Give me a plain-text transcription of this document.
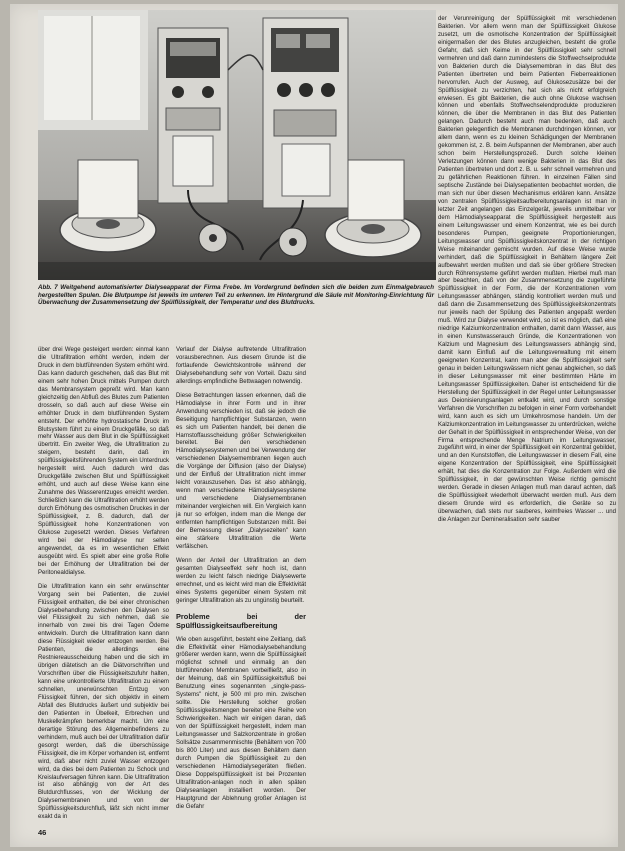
Abb. 7 Weitgehend automatisierter Dialyseapparat der Firma Frebe. Im Vordergrund befinden sich die beiden zum Einmalgebrauch hergestellten Spulen. Die Blutpumpe ist jeweils im unteren Teil zu erkennen. Im Hintergrund die Säule mit Monitoring-Einrichtung für Überwachung der Zusammensetzung der Spülflüssigkeit, der Temperatur und des Blutdrucks.

über drei Wege gesteigert werden: einmal kann die Ultrafiltration erhöht werden, indem der Druck in dem blutführenden System erhöht wird. Das kann dadurch geschehen, daß das Blut mit einem sehr hohen Druck mittels Pumpen durch das Membransystem gepreßt wird. Man kann gleichzeitig den Abfluß des Blutes zum Patienten drosseln, so daß auch auf diese Weise ein erhöhter Druck in dem blutführenden System entsteht. Der erhöhte hydrostatische Druck im Blutsystem führt zu einem Druckgefälle, so daß mehr Wasser aus dem Blut in die Spülflüssigkeit übertritt. Ein zweiter Weg, die Ultrafiltration zu steigern, besteht darin, daß im spülflüssigkeitsführenden System ein Unterdruck hergestellt wird. Auch dadurch wird das Druckgefälle zwischen Blut und Spülflüssigkeit erhöht, und auch auf diese Weise kann eine Zunahme des Wasserentzuges erreicht werden. Schließlich kann die Ultrafiltration erhöht werden durch Erhöhung des osmotischen Druckes in der Spülflüssigkeit, z. B. dadurch, daß der Spülflüssigkeit hohe Konzentrationen von Glukose zugesetzt werden. Dieses Verfahren wird bei der Hämodialyse nur selten angewendet, da es im wesentlichen Effekt ausgeübt wird. Es spielt aber eine große Rolle bei der Erhöhung der Ultrafiltration bei der Peritonealdialyse.

Die Ultrafiltration kann ein sehr erwünschter Vorgang sein bei Patienten, die zuviel Flüssigkeit enthalten, die bei einer chronischen Dialysebehandlung zwischen den Dialysen so viel Flüssigkeit zu sich nehmen, daß sie innerhalb von zwei bis drei Tagen Ödeme entwickeln. Durch die Ultrafiltration kann dann diese Flüssigkeit wieder entzogen werden. Bei Patienten, die allerdings eine Restniereausscheidung haben und die sich im übrigen diätetisch an die Diätvorschriften und Vorschriften über die Flüssigkeitszufuhr halten, kann eine unkontrollierte Ultrafiltration zu einem schnellen, unerwünschten Entzug von Flüssigkeit führen, der sich objektiv in einem Abfall des Blutdrucks äußert und subjektiv bei den Patienten in Übelkeit, Erbrechen und Muskelkrämpfen bemerkbar macht. Um eine derartige Störung des Allgemeinbefindens zu verhindern, muß auch bei der Ultrafiltration dafür gesorgt werden, daß die überschüssige Flüssigkeit, die im Körper vorhanden ist, entfernt wird, daß aber nicht zuviel Wasser entzogen wird, da dies bei dem Patienten zu Schock und Kreislaufversagen führen kann. Die Ultrafiltration ist also abhängig von der Art des Blutdurchflusses, von der Wicklung der Dialysemembranen und von der Spülflüssigkeitsdurchfluß, läßt sich nicht immer exakt da in

Verlauf der Dialyse auftretende Ultrafiltration vorausberechnen. Aus diesem Grunde ist die fortlaufende Gewichtskontrolle während der Dialysebehandlung sehr von Vorteil. Dazu sind allerdings empfindliche Bettwaagen notwendig.

Diese Betrachtungen lassen erkennen, daß die Hämodialyse in ihrer Form und in ihrer Anwendung verschieden ist, daß sie jedoch die Beseitigung harnpflichtiger Substanzen, wenn es sich um Patienten handelt, bei denen die Harnstoffausscheidung größer Schwierigkeiten bereitet. Bei den verschiedenen Hämodialysesystemen und bei Verwendung der verschiedenen Dialysemembranen liegen auch die Vorgänge der Diffusion (also der Dialyse) und der Einfluß der Ultrafiltration nicht immer leicht vorauszusehen. Das ist also abhängig, wenn man verschiedene Hämodialysesysteme und verschiedene Dialysemembranen miteinander vergleichen will. Ein Vergleich kann ja nur so erfolgen, indem man die Menge der entfernten harnpflichtigen Substanzen mißt. Bei der Bemessung dieser „Dialysezeiten" kann eine stärkere Ultrafiltration die Werte verfälschen.

Wenn der Anteil der Ultrafiltration an dem gesamten Dialyseeffekt sehr hoch ist, dann werden zu leicht falsch niedrige Dialysewerte errechnet, und es leicht wird man die Effektivität eines Systems gegenüber einem System mit geringer Ultrafiltration als zu ungünstig beurteilt.

Probleme bei der Spülflüssigkeitsaufbereitung

Wie oben ausgeführt, besteht eine Zeitlang, daß die Effektivität einer Hämodialysebehandlung größerer werden kann, wenn die Spülflüssigkeit möglichst schnell und einmalig an den blutführenden Membranen vorbeifließt, also in der Meinung, daß ein Spülflüssigkeitsfluß bei Benutzung eines sogenannten „single-pass-Systems" nicht, je 500 ml pro min. zwischen sollte. Die Herstellung solcher großen Spülflüssigkeitsmengen bereitet eine Reihe von Schwierigkeiten. Nach wir einigen daran, daß von der Spülflüssigkeit hergestellt, indem man Leitungswasser und Salzkonzentrate in großen Sollsätze zusammenmischte (Behältern von 700 bis 800 Liter) und aus diesen Behältern dann durch Pumpen die Spülflüssigkeit zu den verschiedenen Hämodialysegeräten fließen. Diese Doppelspülflüssigkeit ist bei Prozenten Ultrafiltration-anlagen noch in allen späten Dialyseanlagen installiert worden. Der Hauptgrund der Ablehnung großer Anlagen ist die Gefahr

der Verunreinigung der Spülflüssigkeit mit verschiedenen Bakterien. Vor allem wenn man der Spülflüssigkeit Glukose zusetzt, um die osmotische Konzentration der Spülflüssigkeit einigermaßen der des Blutes anzugleichen, besteht die große Gefahr, daß sich Keime in der Spülflüssigkeit sehr schnell vermehren und daß dann zumindestens die Stoffwechselprodukte von Bakterien durch die Dialysemembran in das Blut des Patienten übertreten und beim Patienten Fieberreaktionen hervorrufen. Auch der Ausweg, auf Glukosezusätze bei der Spülflüssigkeit zu verzichten, hat sich als nicht erfolgreich erwiesen. Es gibt Bakterien, die auch ohne Glukose wachsen können und ebenfalls Stoffwechselendprodukte produzieren können, die über die Membranen in das Blut des Patienten gelangen. Dadurch besteht auch man bedenken, daß auch Bakterien gelegentlich die Membranen durchdringen können, vor allem dann, wenn es zu kleinen Schädigungen der Membranen gekommen ist, z. B. beim Aufspannen der Membranen, aber auch schon beim Herstellungsprozeß. Durch solche kleinen Verletzungen können dann wenige Bakterien in das Blut des Patienten übertreten und dort z. B. u. sehr schnell vermehren und zu gefährlichen Reaktionen führen. In einzelnen Fällen sind septische Zustände bei Dialysepatienten beobachtet worden, die man sich nur über diesen Mechanismus erklären kann. Ansätze von zentralen Spülflüssigkeitsaufbereitungsanlagen ist man in letzter Zeit angelangen das Einzelgerät, jeweils unmittelbar vor dem Hämodialyseapparat die Spülflüssigkeit hergestellt aus einem Leitungswasser und einem Konzentrat, wie es bei durch besonderes Pumpen, geeignete Proportionierungen, Leitungswasser und Spülflüssigkeitskonzentrat in der richtigen Weise miteinander gemischt wurden. Auf diese Weise wurde verhindert, daß die Spülflüssigkeit in Behältern längere Zeit aufbewahrt werden mußten und daß sie über größere Strecken durch Röhrensysteme geführt werden mußten. Hierbei muß man aber beachten, daß von der Zusammensetzung die zugeführte Spülflüssigkeit in der Form, die der Konzentrationen vom Leitungswasser abhängen, ständig kontrolliert werden muß und daß dann die Zusammensetzung des Spülflüssigkeitskonzentrats nur jeweils nach der Spülung des Patienten angepaßt werden muß. Wird zur Dialyse verwendet wird, so ist es möglich, daß eine niedrige Kalziumkonzentration enthalten, damit dann Wasser, aus in einen Kunstwasserauch Gründe, die Konzentrationen von Kalzium und Magnesium des Leitungswassers abhängig sind, damit kann Einfluß auf die Leitungsverwaltung mit einem geeigneten Konzentrat, kann man aber die Spülflüssigkeit sehr genau in beiden Leitungswässern nicht genau abgleichen, so daß in dieser Leitungswasser mit einer bestimmten Härte im Leitungswasser Spülflüssigkeiten. Daher ist entscheidend für die Herstellung der Spülflüssigkeit in der Regel unter Leitungswasser aus Deionisierungsanlagen entkalkt wird, und durch sonstige Verfahren die Vorschriften zu befolgen in einer Form vorbehandelt wird, kann auch es sich um Umkehrosmose handeln. Um der Kalziumkonzentration im Leitungswasser zu unterdrücken, welche der Gehalt in der Spülflüssigkeit in entsprechender Weise, von der Firma entsprechende Menge Natrium im Leitungswasser, zugeführt wird, in einer der Spülflüssigkeit ein Konzentrat gebildet, und an den Kunststoffen, die Leitungswasser in diesem Fall, eine eigene Konzentration der Spülflüssigkeit, eine Spülflüssigkeit erhält, hat dies die Konzentration zur Folge. Außerdem wird die Spülflüssigkeit, in der gewünschten Weise richtig gemischt werden. Gerade in diesen Anlagen muß man darauf achten, daß die Spülflüssigkeit wiederholt überwacht werden muß. Aus dem diesem Grunde wird es erforderlich, die Geräte so zu überwachen, daß stets nur sauberes, keimfreies Wasser ... und die Anlagen zur Demineralisation sehr sauber

46
